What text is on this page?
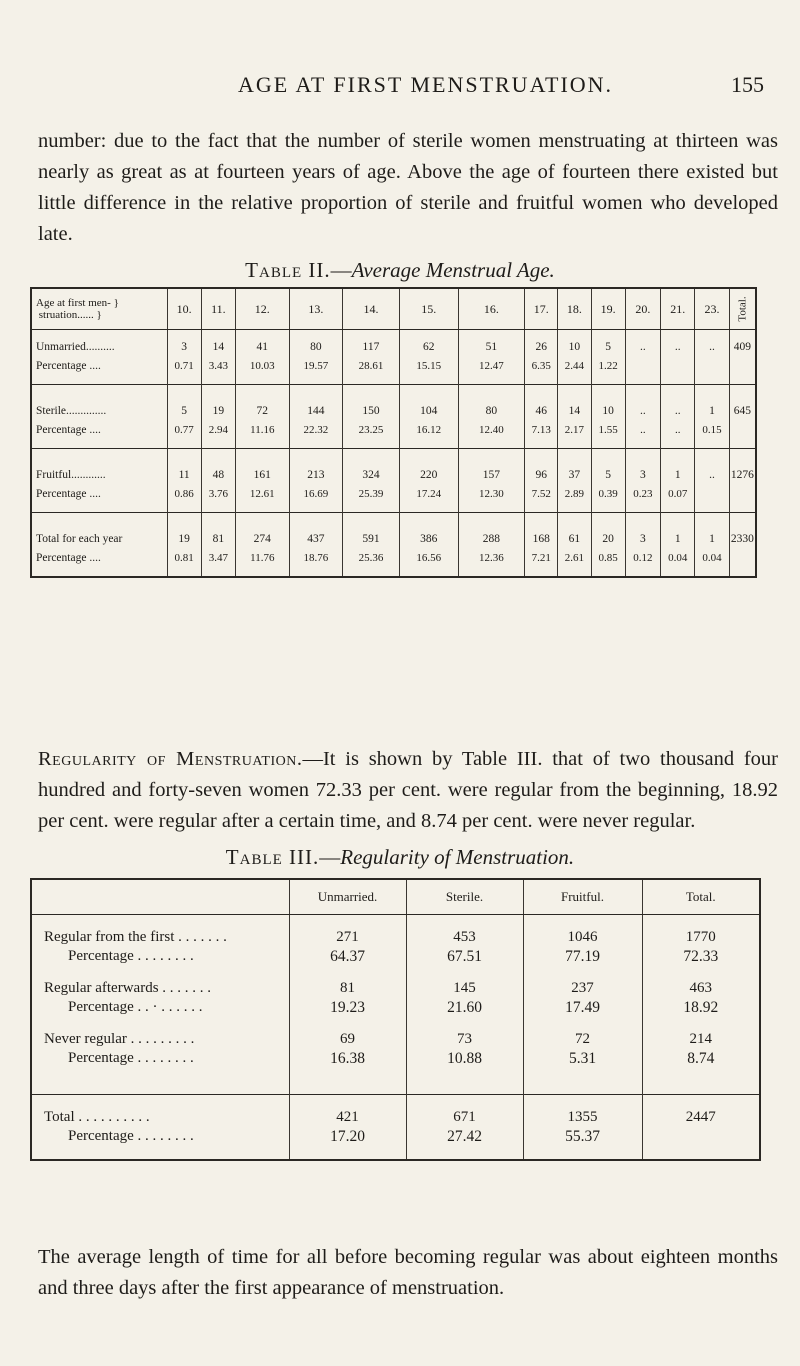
AGE AT FIRST MENSTRUATION.	155

number: due to the fact that the number of sterile women menstruating at thirteen was nearly as great as at fourteen years of age. Above the age of fourteen there existed but little difference in the relative proportion of sterile and fruitful women who developed late.

Table II.—Average Menstrual Age.
Age at first men- }
struation...... }	10.	11.	12.	13.	14.	15.	16.	17.	18.	19.	20.	21.	23.	Total.
Unmarried..........	3	14	41	80	117	62	51	26	10	5	..	..	..	409
Percentage ....	0.71	3.43	10.03	19.57	28.61	15.15	12.47	6.35	2.44	1.22				

Sterile..............	5	19	72	144	150	104	80	46	14	10	..	..	1	645
Percentage ....	0.77	2.94	11.16	22.32	23.25	16.12	12.40	7.13	2.17	1.55	..	..	0.15	

Fruitful............	11	48	161	213	324	220	157	96	37	5	3	1	..	1276
Percentage ....	0.86	3.76	12.61	16.69	25.39	17.24	12.30	7.52	2.89	0.39	0.23	0.07		

Total for each year	19	81	274	437	591	386	288	168	61	20	3	1	1	2330
Percentage ....	0.81	3.47	11.76	18.76	25.36	16.56	12.36	7.21	2.61	0.85	0.12	0.04	0.04	

Regularity of Menstruation.—It is shown by Table III. that of two thousand four hundred and forty-seven women 72.33 per cent. were regular from the beginning, 18.92 per cent. were regular after a certain time, and 8.74 per cent. were never regular.

Table III.—Regularity of Menstruation.
	Unmarried.	Sterile.	Fruitful.	Total.

Regular from the first . . . . . . .	271	453	1046	1770
Percentage . . . . . . . .	64.37	67.51	77.19	72.33

Regular afterwards . . . . . . .	81	145	237	463
Percentage . . · . . . . . .	19.23	21.60	17.49	18.92

Never regular . . . . . . . . .	69	73	72	214
Percentage . . . . . . . .	16.38	10.88	5.31	8.74

Total . . . . . . . . . .	421	671	1355	2447
Percentage . . . . . . . .	17.20	27.42	55.37	

The average length of time for all before becoming regular was about eighteen months and three days after the first appearance of menstruation.
